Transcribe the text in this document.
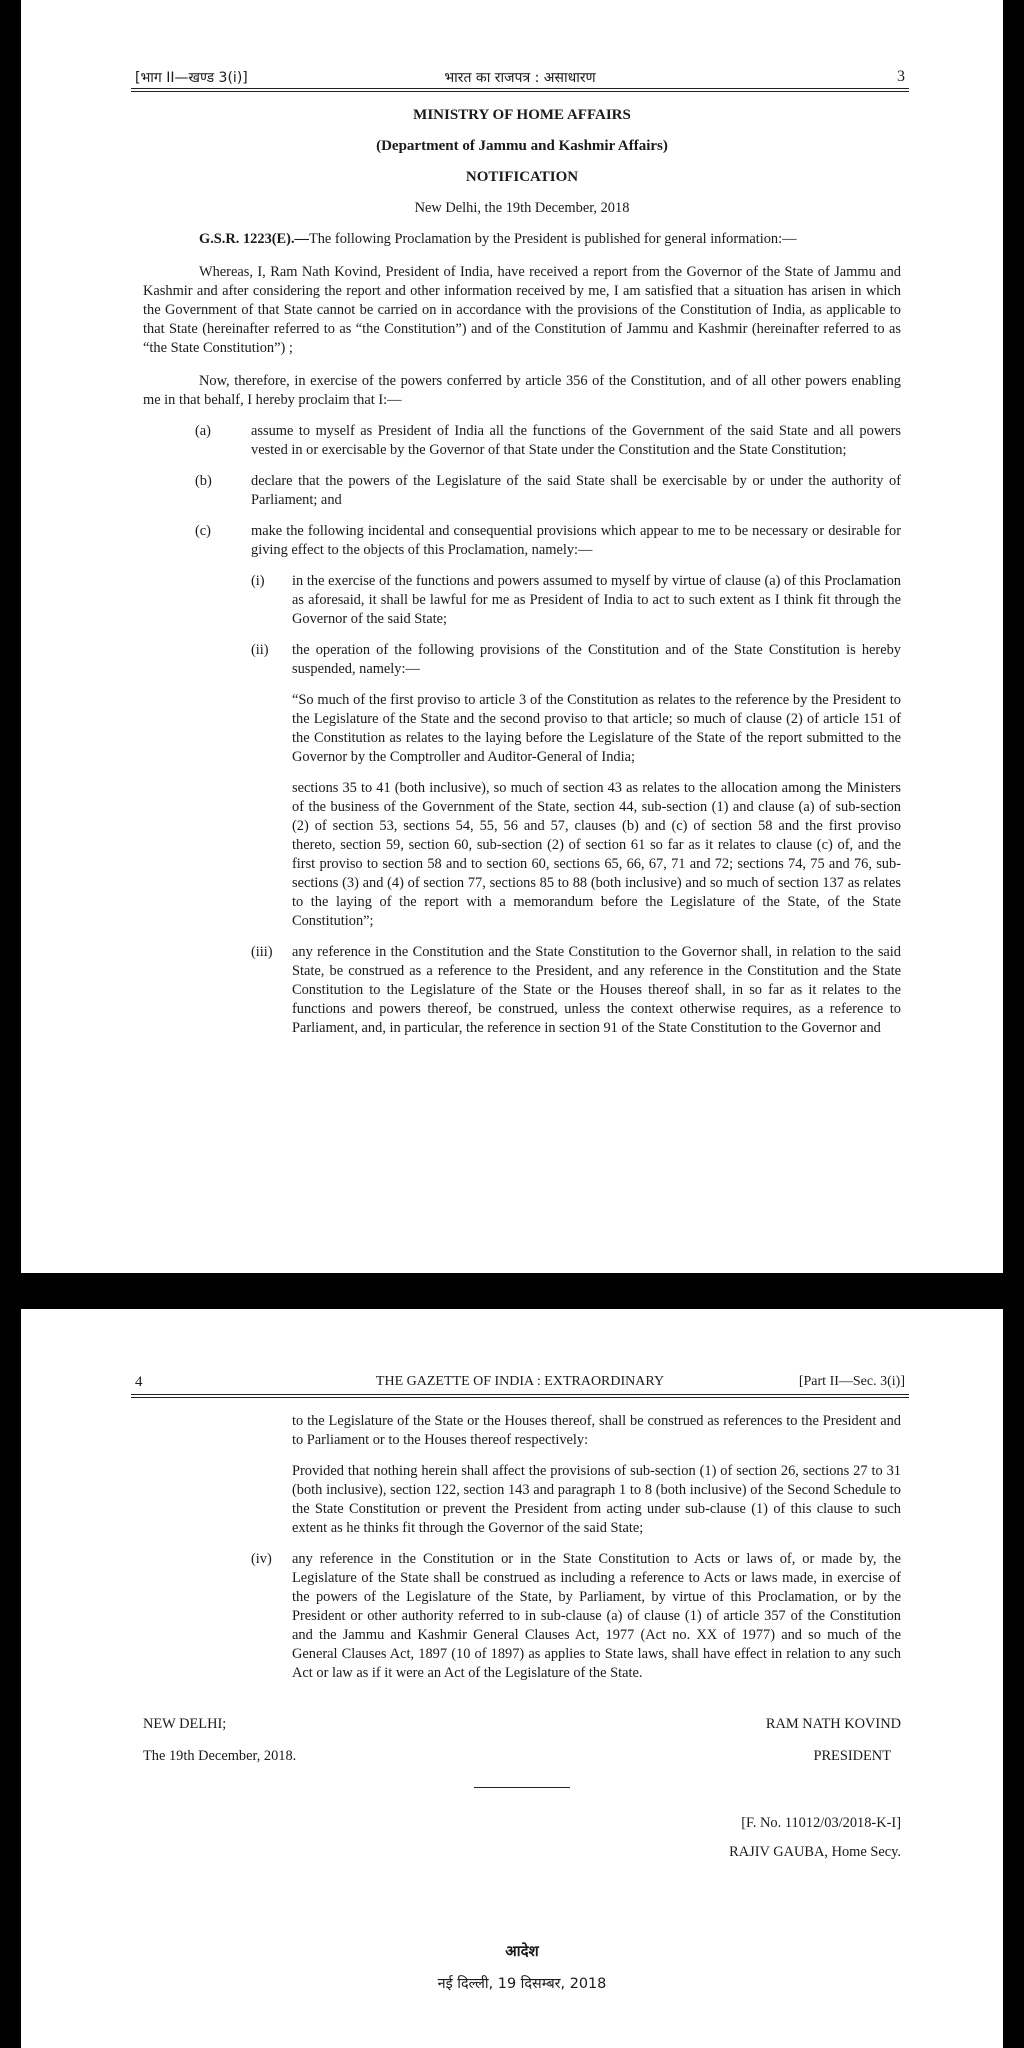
[भाग II—खण्ड 3(i)]	भारत का राजपत्र : असाधारण	3
MINISTRY OF HOME AFFAIRS
(Department of Jammu and Kashmir Affairs)
NOTIFICATION
New Delhi, the 19th December, 2018

G.S.R. 1223(E).—The following Proclamation by the President is published for general information:—

Whereas, I, Ram Nath Kovind, President of India, have received a report from the Governor of the State of Jammu and Kashmir and after considering the report and other information received by me, I am satisfied that a situation has arisen in which the Government of that State cannot be carried on in accordance with the provisions of the Constitution of India, as applicable to that State (hereinafter referred to as “the Constitution”) and of the Constitution of Jammu and Kashmir (hereinafter referred to as “the State Constitution”) ;

Now, therefore, in exercise of the powers conferred by article 356 of the Constitution, and of all other powers enabling me in that behalf, I hereby proclaim that I:—

(a)	assume to myself as President of India all the functions of the Government of the said State and all powers vested in or exercisable by the Governor of that State under the Constitution and the State Constitution;

(b)	declare that the powers of the Legislature of the said State shall be exercisable by or under the authority of Parliament; and

(c)	make the following incidental and consequential provisions which appear to me to be necessary or desirable for giving effect to the objects of this Proclamation, namely:—

(i) in the exercise of the functions and powers assumed to myself by virtue of clause (a) of this Proclamation as aforesaid, it shall be lawful for me as President of India to act to such extent as I think fit through the Governor of the said State;

(ii) the operation of the following provisions of the Constitution and of the State Constitution is hereby suspended, namely:—

“So much of the first proviso to article 3 of the Constitution as relates to the reference by the President to the Legislature of the State and the second proviso to that article; so much of clause (2) of article 151 of the Constitution as relates to the laying before the Legislature of the State of the report submitted to the Governor by the Comptroller and Auditor-General of India;

sections 35 to 41 (both inclusive), so much of section 43 as relates to the allocation among the Ministers of the business of the Government of the State, section 44, sub-section (1) and clause (a) of sub-section (2) of section 53, sections 54, 55, 56 and 57, clauses (b) and (c) of section 58 and the first proviso thereto, section 59, section 60, sub-section (2) of section 61 so far as it relates to clause (c) of, and the first proviso to section 58 and to section 60, sections 65, 66, 67, 71 and 72; sections 74, 75 and 76, sub-sections (3) and (4) of section 77, sections 85 to 88 (both inclusive) and so much of section 137 as relates to the laying of the report with a memorandum before the Legislature of the State, of the State Constitution”;

(iii) any reference in the Constitution and the State Constitution to the Governor shall, in relation to the said State, be construed as a reference to the President, and any reference in the Constitution and the State Constitution to the Legislature of the State or the Houses thereof shall, in so far as it relates to the functions and powers thereof, be construed, unless the context otherwise requires, as a reference to Parliament, and, in particular, the reference in section 91 of the State Constitution to the Governor and

4	THE GAZETTE OF INDIA : EXTRAORDINARY	[Part II—Sec. 3(i)]

to the Legislature of the State or the Houses thereof, shall be construed as references to the President and to Parliament or to the Houses thereof respectively:

Provided that nothing herein shall affect the provisions of sub-section (1) of section 26, sections 27 to 31 (both inclusive), section 122, section 143 and paragraph 1 to 8 (both inclusive) of the Second Schedule to the State Constitution or prevent the President from acting under sub-clause (1) of this clause to such extent as he thinks fit through the Governor of the said State;

(iv) any reference in the Constitution or in the State Constitution to Acts or laws of, or made by, the Legislature of the State shall be construed as including a reference to Acts or laws made, in exercise of the powers of the Legislature of the State, by Parliament, by virtue of this Proclamation, or by the President or other authority referred to in sub-clause (a) of clause (1) of article 357 of the Constitution and the Jammu and Kashmir General Clauses Act, 1977 (Act no. XX of 1977) and so much of the General Clauses Act, 1897 (10 of 1897) as applies to State laws, shall have effect in relation to any such Act or law as if it were an Act of the Legislature of the State.

NEW DELHI;	RAM NATH KOVIND
The 19th December, 2018.	PRESIDENT
[F. No. 11012/03/2018-K-I]
RAJIV GAUBA, Home Secy.
आदेश
नई दिल्ली, 19 दिसम्बर, 2018
